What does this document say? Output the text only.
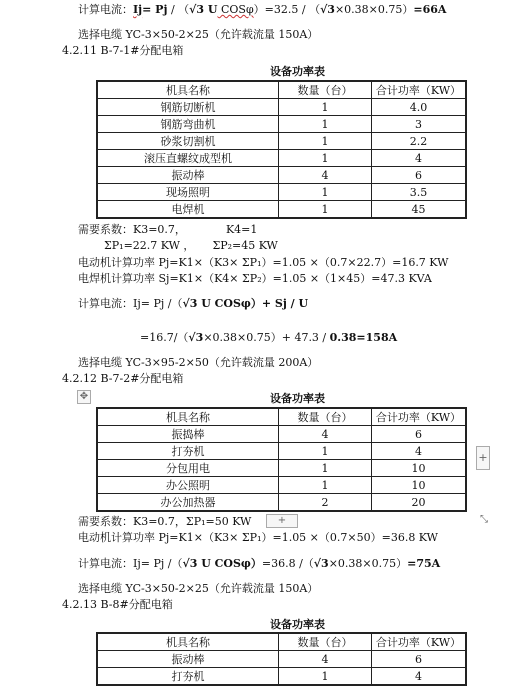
计算电流：Ij= Pj / （√3 U COSφ）=32.5 / （√3×0.38×0.75）=66A
选择电缆 YC-3×50-2×25（允许载流量 150A）
4.2.11 B-7-1#分配电箱
设备功率表
机具名称	数量（台）	合计功率（KW）
钢筋切断机	1	4.0
钢筋弯曲机	1	3
砂浆切割机	1	2.2
滚压直螺纹成型机	1	4
振动棒	4	6
现场照明	1	3.5
电焊机	1	45
需要系数：K3=0.7，	K4=1
ΣP₁=22.7 KW ， ΣP₂=45 KW
电动机计算功率 Pj=K1×（K3× ΣP₁）=1.05 ×（0.7×22.7）=16.7 KW
电焊机计算功率 Sj=K1×（K4× ΣP₂）=1.05 ×（1×45）=47.3 KVA
计算电流：Ij= Pj /（√3 U COSφ）+ Sj / U
=16.7/（√3×0.38×0.75）+ 47.3 / 0.38=158A
选择电缆 YC-3×95-2×50（允许载流量 200A）
4.2.12 B-7-2#分配电箱
✥	设备功率表
机具名称	数量（台）	合计功率（KW）
振捣棒	4	6
打夯机	1	4
分包用电	1	10
办公照明	1	10
办公加热器	2	20
+
⤡
需要系数：K3=0.7，ΣP₁=50 KW	+
电动机计算功率 Pj=K1×（K3× ΣP₁）=1.05 ×（0.7×50）=36.8 KW
计算电流：Ij= Pj /（√3 U COSφ）=36.8 /（√3×0.38×0.75）=75A
选择电缆 YC-3×50-2×25（允许载流量 150A）
4.2.13 B-8#分配电箱
设备功率表
机具名称	数量（台）	合计功率（KW）
振动棒	4	6
打夯机	1	4
